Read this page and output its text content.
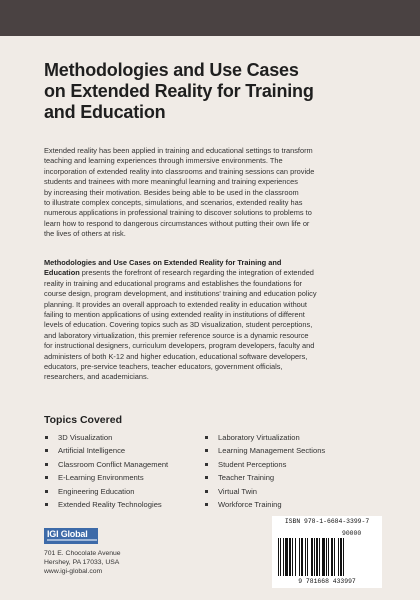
Methodologies and Use Cases
on Extended Reality for Training
and Education
Extended reality has been applied in training and educational settings to transform
teaching and learning experiences through immersive environments. The
incorporation of extended reality into classrooms and training sessions can provide
students and trainees with more meaningful learning and training experiences
by increasing their motivation. Besides being able to be used in the classroom
to illustrate complex concepts, simulations, and scenarios, extended reality has
numerous applications in professional training to discover solutions to problems to
learn how to respond to dangerous circumstances without putting their own life or
the lives of others at risk.
Methodologies and Use Cases on Extended Reality for Training and
Education presents the forefront of research regarding the integration of extended
reality in training and educational programs and establishes the foundations for
course design, program development, and institutions' training and education policy
planning. It provides an overall approach to extended reality in education without
failing to mention applications of using extended reality in institutions of different
levels of education. Covering topics such as 3D visualization, student perceptions,
and laboratory virtualization, this premier reference source is a dynamic resource
for instructional designers, curriculum developers, program developers, faculty and
administers of both K-12 and higher education, educational software developers,
educators, pre-service teachers, teacher educators, government officials,
researchers, and academicians.
Topics Covered
3D Visualization
Artificial Intelligence
Classroom Conflict Management
E-Learning Environments
Engineering Education
Extended Reality Technologies
Laboratory Virtualization
Learning Management Sections
Student Perceptions
Teacher Training
Virtual Twin
Workforce Training
IGI Global
701 E. Chocolate Avenue
Hershey, PA 17033, USA
www.igi-global.com
ISBN 978-1-6684-3399-7
90000
9 781668 433997
